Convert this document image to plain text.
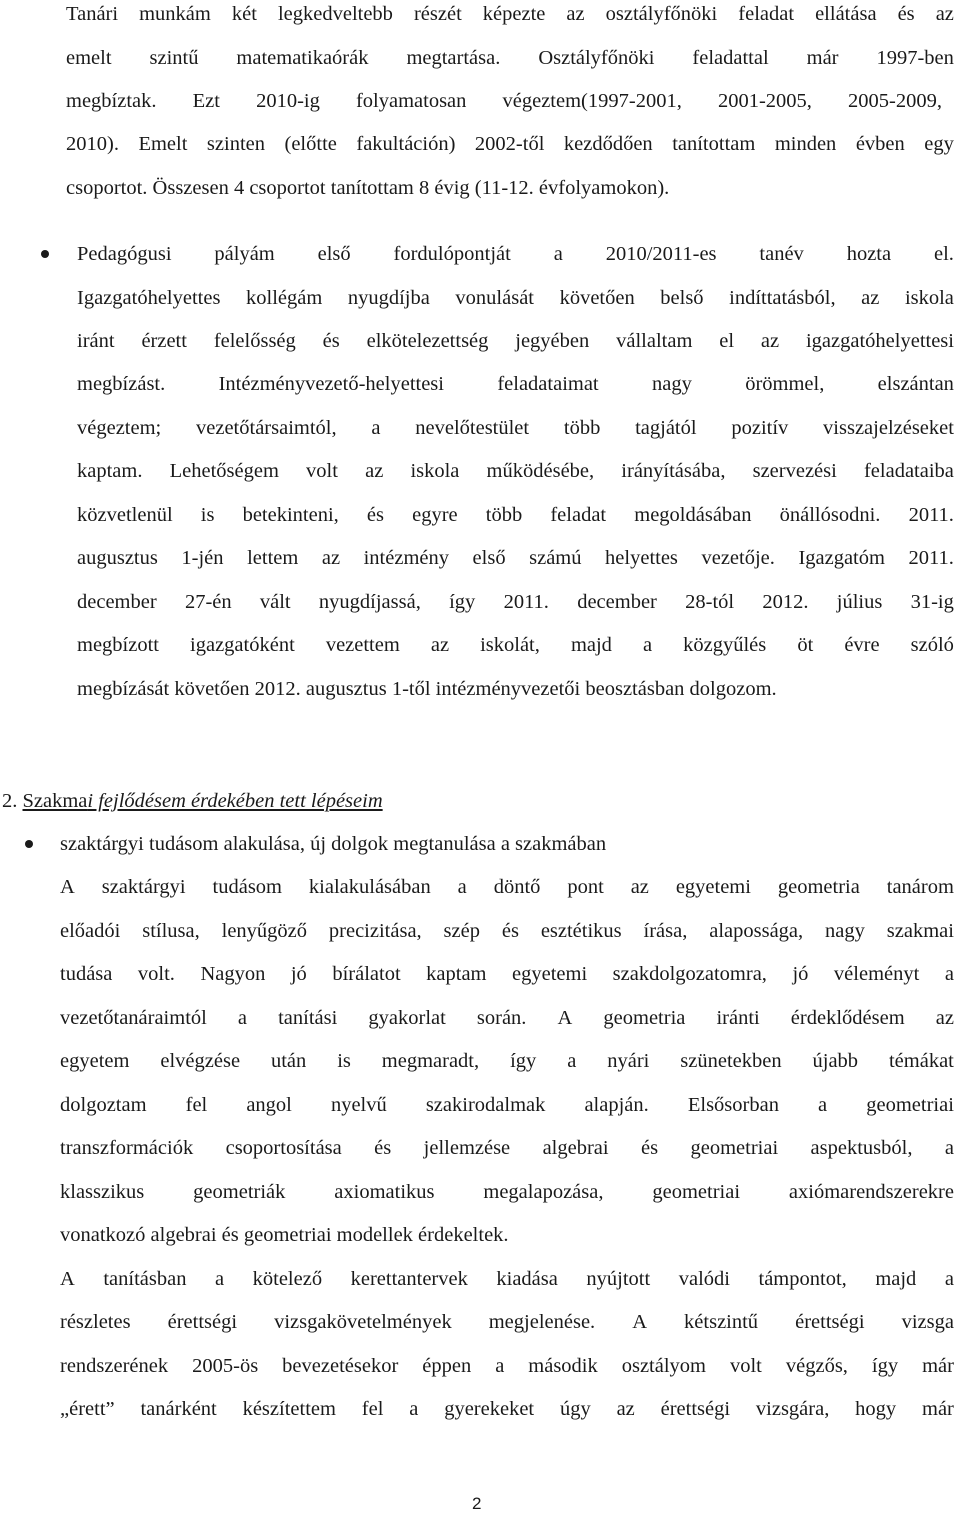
Tanári munkám két legkedveltebb részét képezte az osztályfőnöki feladat ellátása és az
emelt szintű matematikaórák megtartása. Osztályfőnöki feladattal már 1997-ben
megbíztak. Ezt 2010-ig folyamatosan végeztem(1997-2001, 2001-2005, 2005-2009,
2010). Emelt szinten (előtte fakultáción) 2002-től kezdődően tanítottam minden évben egy
csoportot. Összesen 4 csoportot tanítottam 8 évig (11-12. évfolyamokon).
Pedagógusi pályám első fordulópontját a 2010/2011-es tanév hozta el.
Igazgatóhelyettes kollégám nyugdíjba vonulását követően belső indíttatásból, az iskola
iránt érzett felelősség és elkötelezettség jegyében vállaltam el az igazgatóhelyettesi
megbízást.	Intézményvezető-helyettesi	feladataimat	nagy	örömmel,	elszántan
végeztem; vezetőtársaimtól, a nevelőtestület több tagjától pozitív visszajelzéseket
kaptam. Lehetőségem volt az iskola működésébe, irányításába, szervezési feladataiba
közvetlenül is betekinteni, és egyre több feladat megoldásában önállósodni. 2011.
augusztus 1-jén lettem az intézmény első számú helyettes vezetője. Igazgatóm 2011.
december 27-én vált nyugdíjassá, így 2011. december 28-tól 2012. július 31-ig
megbízott igazgatóként vezettem az iskolát, majd a közgyűlés öt évre szóló
megbízását követően 2012. augusztus 1-től intézményvezetői beosztásban dolgozom.
2. Szakmai fejlődésem érdekében tett lépéseim
szaktárgyi tudásom alakulása, új dolgok megtanulása a szakmában
A szaktárgyi tudásom kialakulásában a döntő pont az egyetemi geometria tanárom
előadói stílusa, lenyűgöző precizitása, szép és esztétikus írása, alapossága, nagy szakmai
tudása volt. Nagyon jó bírálatot kaptam egyetemi szakdolgozatomra, jó véleményt a
vezetőtanáraimtól a tanítási gyakorlat során. A geometria iránti érdeklődésem az
egyetem elvégzése után is megmaradt, így a nyári szünetekben újabb témákat
dolgoztam fel angol nyelvű szakirodalmak alapján. Elsősorban a geometriai
transzformációk csoportosítása és jellemzése algebrai és geometriai aspektusból, a
klasszikus geometriák axiomatikus megalapozása, geometriai axiómarendszerekre
vonatkozó algebrai és geometriai modellek érdekeltek.
A tanításban a kötelező kerettantervek kiadása nyújtott valódi támpontot, majd a
részletes érettségi vizsgakövetelmények megjelenése. A kétszintű érettségi vizsga
rendszerének 2005-ös bevezetésekor éppen a második osztályom volt végzős, így már
„érett” tanárként készítettem fel a gyerekeket úgy az érettségi vizsgára, hogy már
2
